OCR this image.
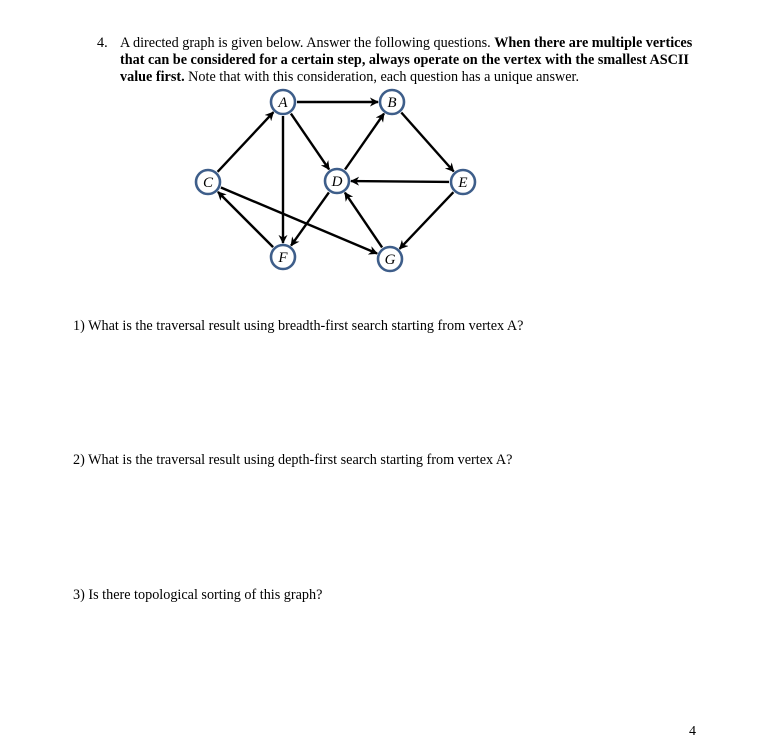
4. A directed graph is given below. Answer the following questions. When there are multiple vertices that can be considered for a certain step, always operate on the vertex with the smallest ASCII value first. Note that with this consideration, each question has a unique answer.
A	B
C	D	E
F	G
1) What is the traversal result using breadth-first search starting from vertex A?
2) What is the traversal result using depth-first search starting from vertex A?
3) Is there topological sorting of this graph?
4
